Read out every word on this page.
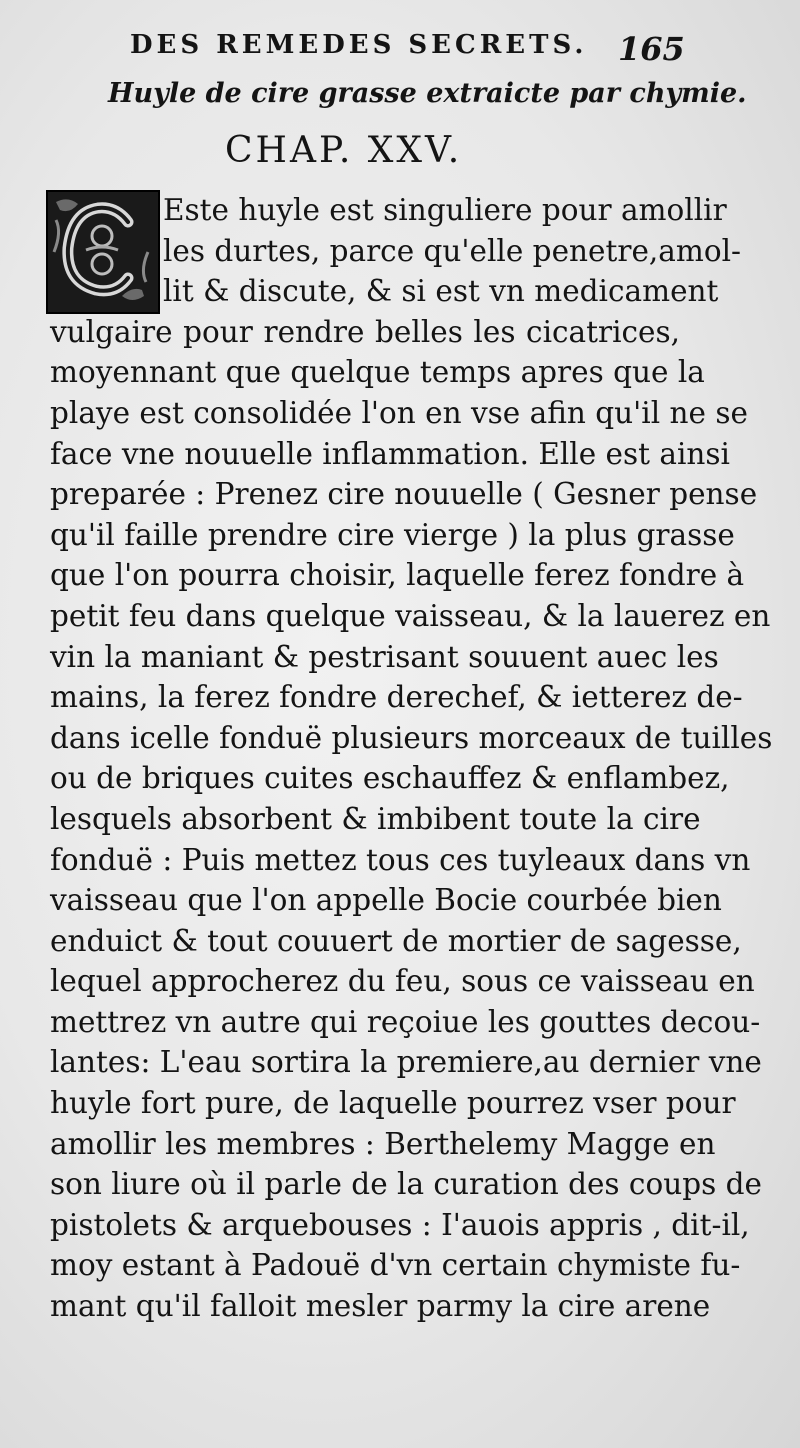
DES REMEDES SECRETS. 165
Huyle de cire grasse extraicte par chymie.
CHAP. XXV.
Este huyle est singuliere pour amollir
les durtes, parce qu'elle penetre,amol-
lit & discute, & si est vn medicament
vulgaire pour rendre belles les cicatrices,
moyennant que quelque temps apres que la
playe est consolidée l'on en vse afin qu'il ne se
face vne nouuelle inflammation. Elle est ainsi
preparée : Prenez cire nouuelle ( Gesner pense
qu'il faille prendre cire vierge ) la plus grasse
que l'on pourra choisir, laquelle ferez fondre à
petit feu dans quelque vaisseau, & la lauerez en
vin la maniant & pestrisant souuent auec les
mains, la ferez fondre derechef, & ietterez de-
dans icelle fonduë plusieurs morceaux de tuilles
ou de briques cuites eschauffez & enflambez,
lesquels absorbent & imbibent toute la cire
fonduë : Puis mettez tous ces tuyleaux dans vn
vaisseau que l'on appelle Bocie courbée bien
enduict & tout couuert de mortier de sagesse,
lequel approcherez du feu, sous ce vaisseau en
mettrez vn autre qui reçoiue les gouttes decou-
lantes: L'eau sortira la premiere,au dernier vne
huyle fort pure, de laquelle pourrez vser pour
amollir les membres : Berthelemy Magge en
son liure où il parle de la curation des coups de
pistolets & arquebouses : I'auois appris , dit-il,
moy estant à Padouë d'vn certain chymiste fu-
mant qu'il falloit mesler parmy la cire arene
